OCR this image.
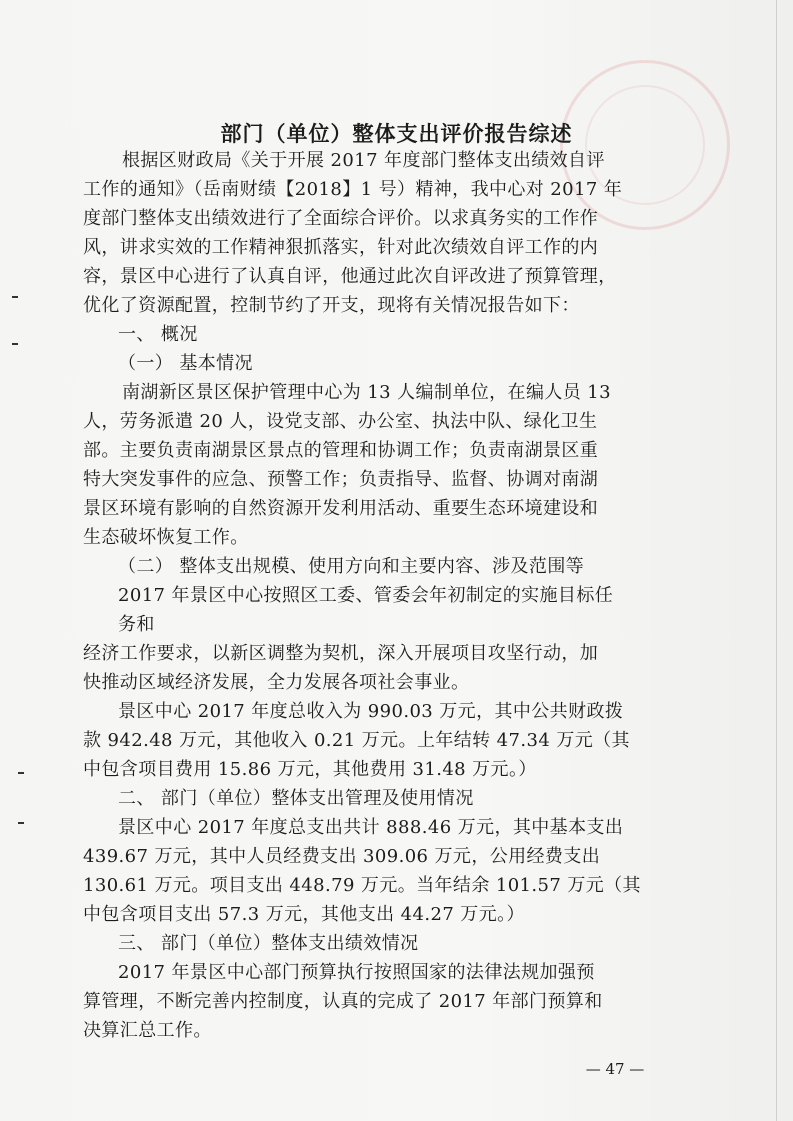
部门（单位）整体支出评价报告综述
根据区财政局《关于开展 2017 年度部门整体支出绩效自评
工作的通知》（岳南财绩【2018】1 号）精神，我中心对 2017 年
度部门整体支出绩效进行了全面综合评价。以求真务实的工作作
风，讲求实效的工作精神狠抓落实，针对此次绩效自评工作的内
容，景区中心进行了认真自评，他通过此次自评改进了预算管理，
优化了资源配置，控制节约了开支，现将有关情况报告如下：
一、 概况
（一） 基本情况
南湖新区景区保护管理中心为 13 人编制单位，在编人员 13
人，劳务派遣 20 人，设党支部、办公室、执法中队、绿化卫生
部。主要负责南湖景区景点的管理和协调工作；负责南湖景区重
特大突发事件的应急、预警工作；负责指导、监督、协调对南湖
景区环境有影响的自然资源开发利用活动、重要生态环境建设和
生态破坏恢复工作。
（二） 整体支出规模、使用方向和主要内容、涉及范围等
2017 年景区中心按照区工委、管委会年初制定的实施目标任
务和
经济工作要求，以新区调整为契机，深入开展项目攻坚行动，加
快推动区域经济发展，全力发展各项社会事业。
景区中心 2017 年度总收入为 990.03 万元，其中公共财政拨
款 942.48 万元，其他收入 0.21 万元。上年结转 47.34 万元（其
中包含项目费用 15.86 万元，其他费用 31.48 万元。）
二、 部门（单位）整体支出管理及使用情况
景区中心 2017 年度总支出共计 888.46 万元，其中基本支出
439.67 万元，其中人员经费支出 309.06 万元，公用经费支出
130.61 万元。项目支出 448.79 万元。当年结余 101.57 万元（其
中包含项目支出 57.3 万元，其他支出 44.27 万元。）
三、 部门（单位）整体支出绩效情况
2017 年景区中心部门预算执行按照国家的法律法规加强预
算管理，不断完善内控制度，认真的完成了 2017 年部门预算和
决算汇总工作。
— 47 —
